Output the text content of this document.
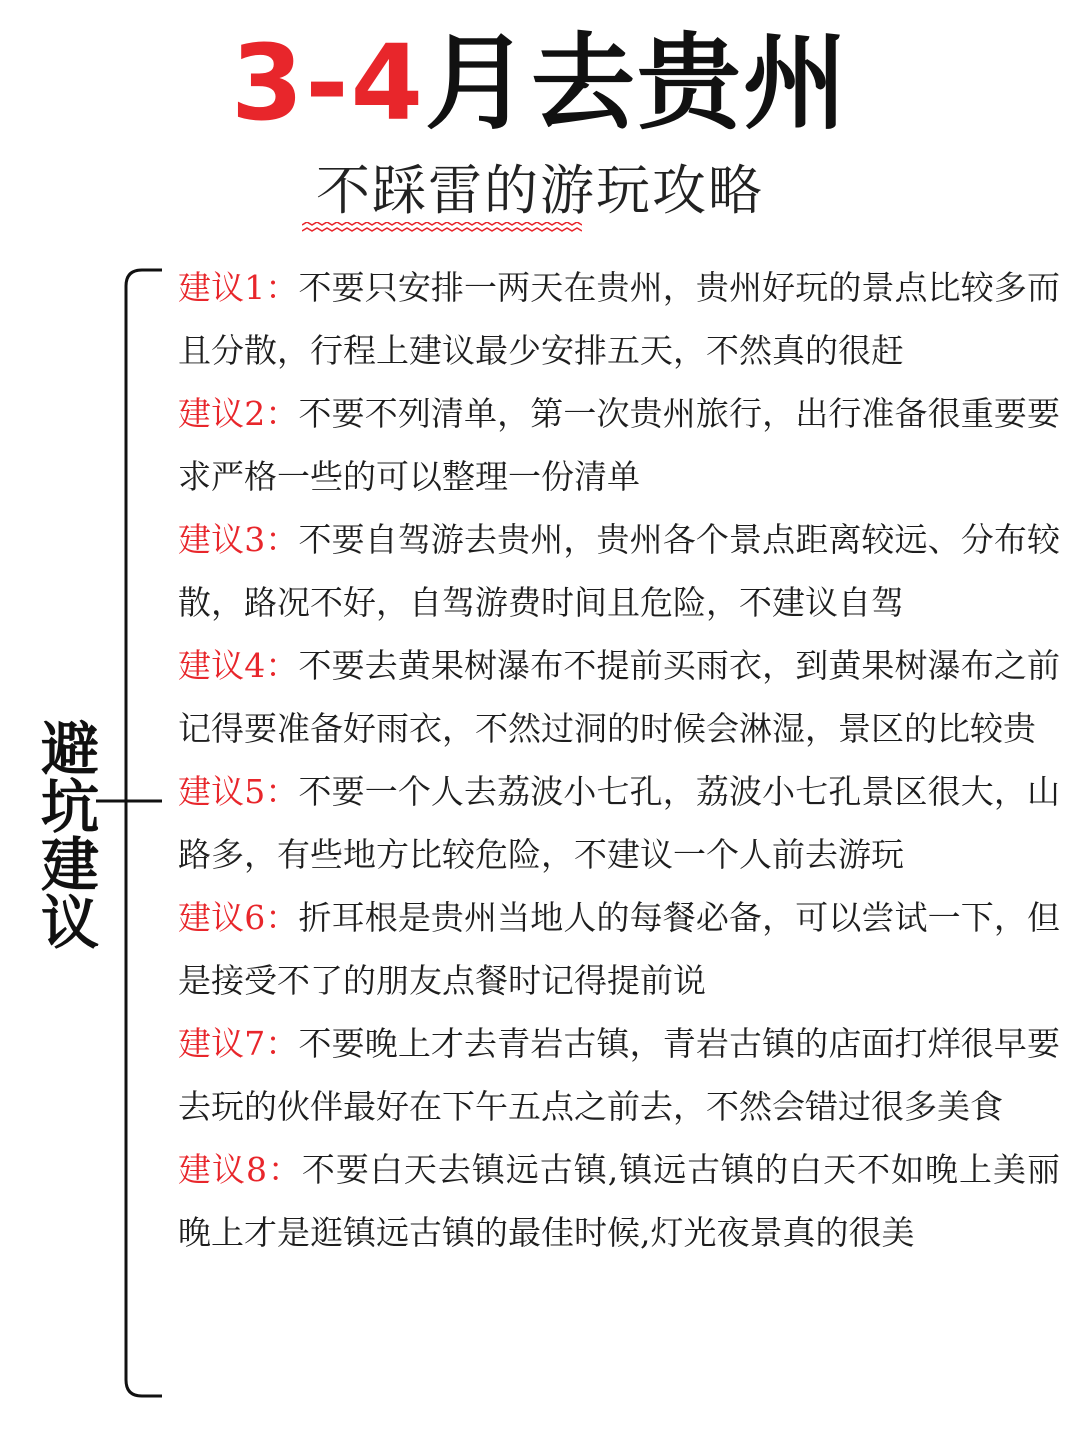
3-4月去贵州
不踩雷的游玩攻略
避坑建议

建议1：不要只安排一两天在贵州，贵州好玩的景点比较多而且分散，行程上建议最少安排五天，不然真的很赶

建议2：不要不列清单，第一次贵州旅行，出行准备很重要要求严格一些的可以整理一份清单

建议3：不要自驾游去贵州，贵州各个景点距离较远、分布较散，路况不好，自驾游费时间且危险，不建议自驾

建议4：不要去黄果树瀑布不提前买雨衣，到黄果树瀑布之前记得要准备好雨衣，不然过洞的时候会淋湿，景区的比较贵

建议5：不要一个人去荔波小七孔，荔波小七孔景区很大，山路多，有些地方比较危险，不建议一个人前去游玩

建议6：折耳根是贵州当地人的每餐必备，可以尝试一下，但是接受不了的朋友点餐时记得提前说

建议7：不要晚上才去青岩古镇，青岩古镇的店面打烊很早要去玩的伙伴最好在下午五点之前去，不然会错过很多美食

建议8：不要白天去镇远古镇,镇远古镇的白天不如晚上美丽晚上才是逛镇远古镇的最佳时候,灯光夜景真的很美
